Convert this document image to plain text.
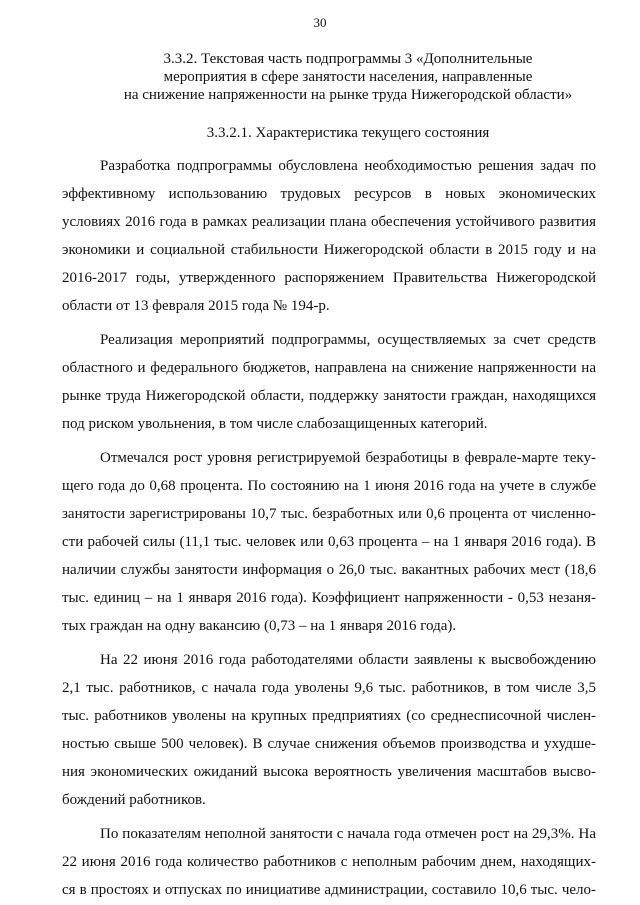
30
3.3.2. Текстовая часть подпрограммы 3 «Дополнительные
мероприятия в сфере занятости населения, направленные
на снижение напряженности на рынке труда Нижегородской области»
3.3.2.1. Характеристика текущего состояния
Разработка подпрограммы обусловлена необходимостью решения задач по
эффективному использованию трудовых ресурсов в новых экономических
условиях 2016 года в рамках реализации плана обеспечения устойчивого развития
экономики и социальной стабильности Нижегородской области в 2015 году и на
2016-2017 годы, утвержденного распоряжением Правительства Нижегородской
области от 13 февраля 2015 года № 194-р.
Реализация мероприятий подпрограммы, осуществляемых за счет средств
областного и федерального бюджетов, направлена на снижение напряженности на
рынке труда Нижегородской области, поддержку занятости граждан, находящихся
под риском увольнения, в том числе слабозащищенных категорий.
Отмечался рост уровня регистрируемой безработицы в феврале-марте теку-
щего года до 0,68 процента. По состоянию на 1 июня 2016 года на учете в службе
занятости зарегистрированы 10,7 тыс. безработных или 0,6 процента от численно-
сти рабочей силы (11,1 тыс. человек или 0,63 процента – на 1 января 2016 года). В
наличии службы занятости информация о 26,0 тыс. вакантных рабочих мест (18,6
тыс. единиц – на 1 января 2016 года). Коэффициент напряженности - 0,53 незаня-
тых граждан на одну вакансию (0,73 – на 1 января 2016 года).
На 22 июня 2016 года работодателями области заявлены к высвобождению
2,1 тыс. работников, с начала года уволены 9,6 тыс. работников, в том числе 3,5
тыс. работников уволены на крупных предприятиях (со среднесписочной числен-
ностью свыше 500 человек). В случае снижения объемов производства и ухудше-
ния экономических ожиданий высока вероятность увеличения масштабов высво-
бождений работников.
По показателям неполной занятости с начала года отмечен рост на 29,3%. На
22 июня 2016 года количество работников с неполным рабочим днем, находящих-
ся в простоях и отпусках по инициативе администрации, составило 10,6 тыс. чело-
